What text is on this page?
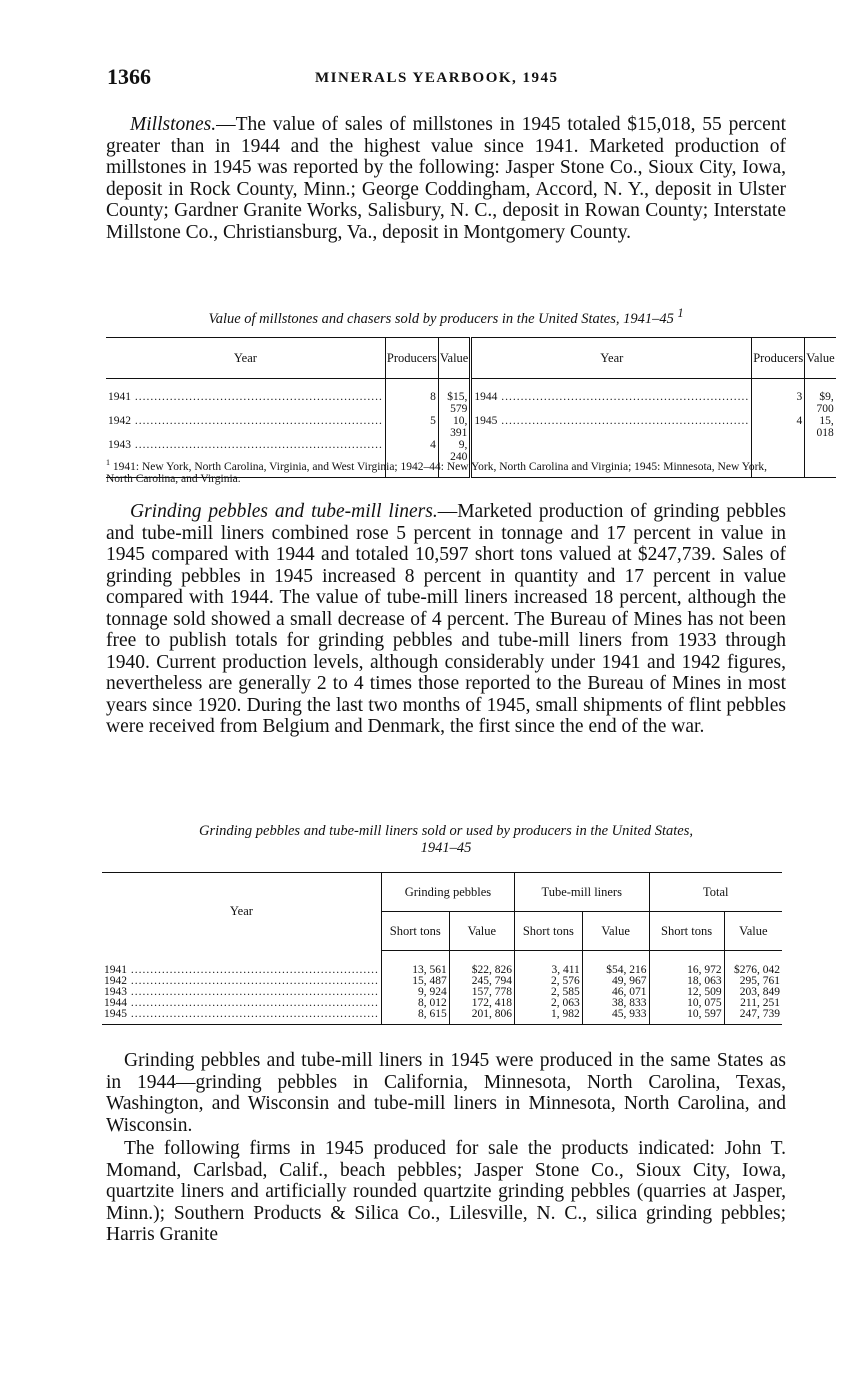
1366	MINERALS YEARBOOK, 1945

Millstones.—The value of sales of millstones in 1945 totaled $15,018, 55 percent greater than in 1944 and the highest value since 1941. Marketed production of millstones in 1945 was reported by the following: Jasper Stone Co., Sioux City, Iowa, deposit in Rock County, Minn.; George Coddingham, Accord, N. Y., deposit in Ulster County; Gardner Granite Works, Salisbury, N. C., deposit in Rowan County; Interstate Millstone Co., Christiansburg, Va., deposit in Montgomery County.

Value of millstones and chasers sold by producers in the United States, 1941–45 $^1$

Year	Producers	Value	Year	Producers	Value

1941 .....	8	$15, 579	1944 .....	3	$9, 700
1942 .....	5	10, 391	1945 .....	4	15, 018
1943 .....	4	9, 240			

$^1$ 1941: New York, North Carolina, Virginia, and West Virginia; 1942–44: New York, North Carolina and Virginia; 1945: Minnesota, New York, North Carolina, and Virginia.

Grinding pebbles and tube-mill liners.—Marketed production of grinding pebbles and tube-mill liners combined rose 5 percent in tonnage and 17 percent in value in 1945 compared with 1944 and totaled 10,597 short tons valued at $247,739. Sales of grinding pebbles in 1945 increased 8 percent in quantity and 17 percent in value compared with 1944. The value of tube-mill liners increased 18 percent, although the tonnage sold showed a small decrease of 4 percent. The Bureau of Mines has not been free to publish totals for grinding pebbles and tube-mill liners from 1933 through 1940. Current production levels, although considerably under 1941 and 1942 figures, nevertheless are generally 2 to 4 times those reported to the Bureau of Mines in most years since 1920. During the last two months of 1945, small shipments of flint pebbles were received from Belgium and Denmark, the first since the end of the war.

Grinding pebbles and tube-mill liners sold or used by producers in the United States,
1941–45

Year	Grinding pebbles		Tube-mill liners		Total	
	Short tons	Value	Short tons	Value	Short tons	Value
1941 .....	13, 561	$22, 826	3, 411	$54, 216	16, 972	$276, 042
1942 .....	15, 487	245, 794	2, 576	49, 967	18, 063	295, 761
1943 .....	9, 924	157, 778	2, 585	46, 071	12, 509	203, 849
1944 .....	8, 012	172, 418	2, 063	38, 833	10, 075	211, 251
1945 .....	8, 615	201, 806	1, 982	45, 933	10, 597	247, 739

Grinding pebbles and tube-mill liners in 1945 were produced in the same States as in 1944—grinding pebbles in California, Minnesota, North Carolina, Texas, Washington, and Wisconsin and tube-mill liners in Minnesota, North Carolina, and Wisconsin.

The following firms in 1945 produced for sale the products indicated: John T. Momand, Carlsbad, Calif., beach pebbles; Jasper Stone Co., Sioux City, Iowa, quartzite liners and artificially rounded quartzite grinding pebbles (quarries at Jasper, Minn.); Southern Products & Silica Co., Lilesville, N. C., silica grinding pebbles; Harris Granite
